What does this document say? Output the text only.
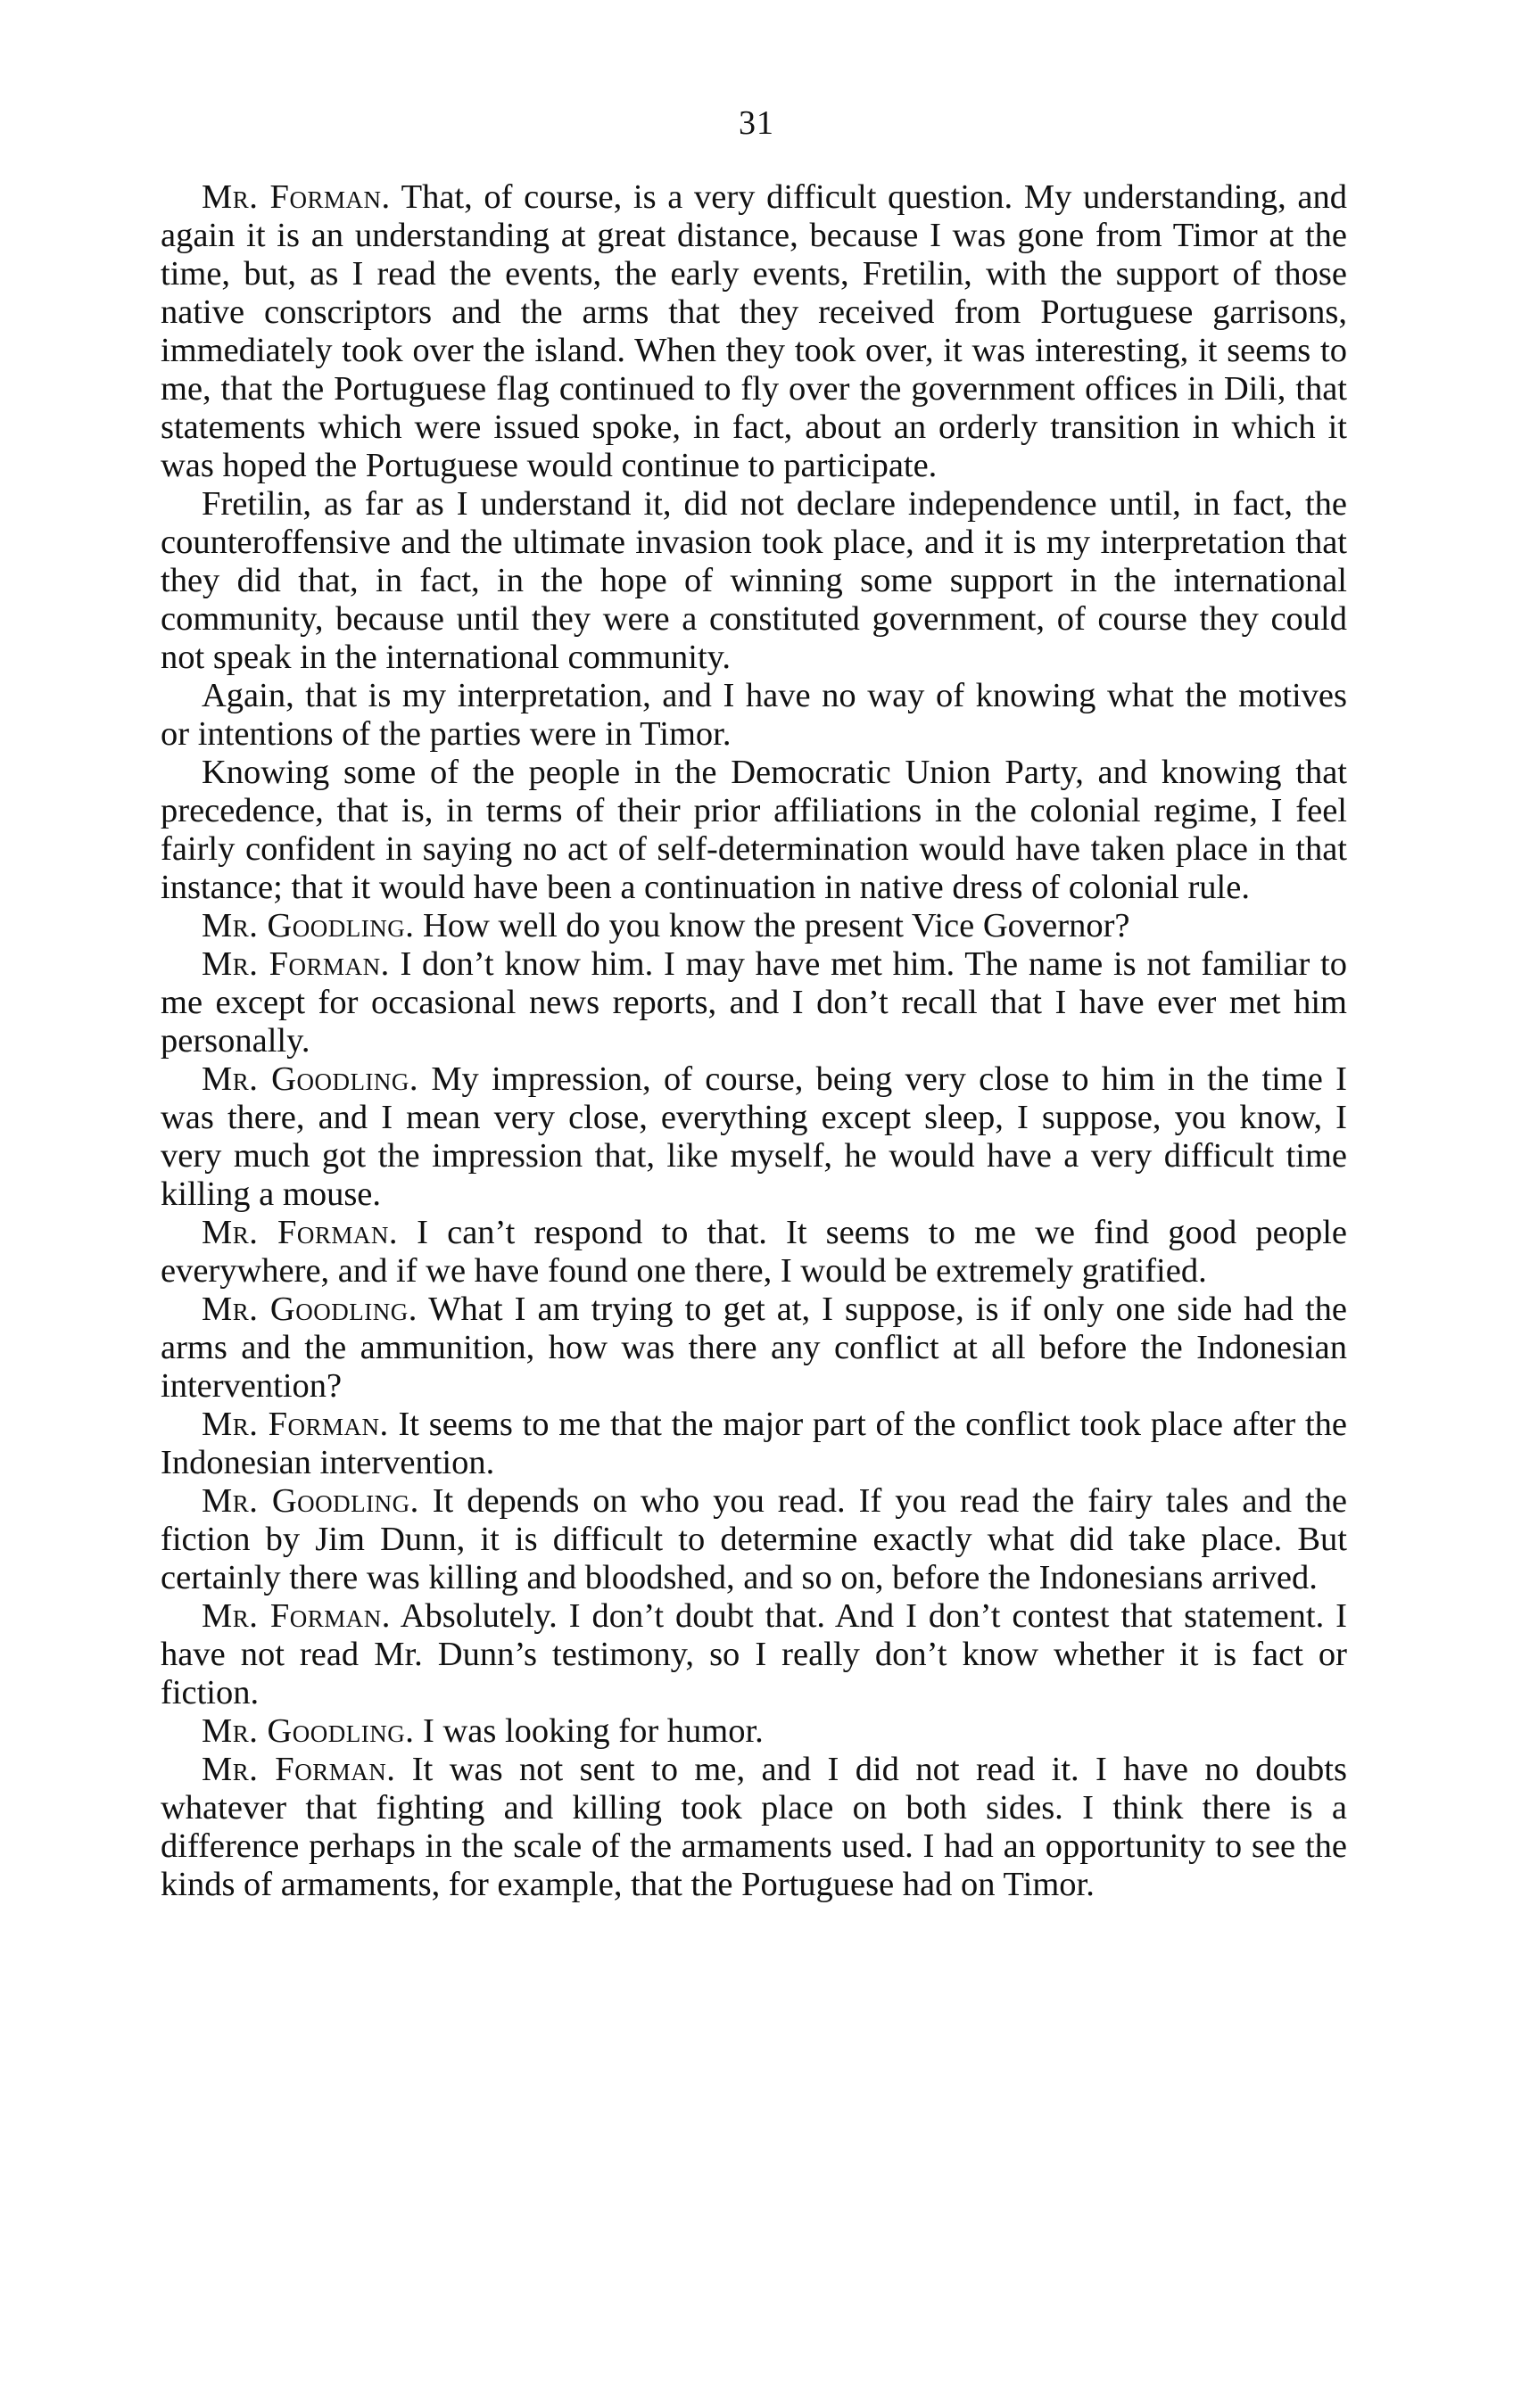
31

Mr. Forman. That, of course, is a very difficult question. My understanding, and again it is an understanding at great distance, because I was gone from Timor at the time, but, as I read the events, the early events, Fretilin, with the support of those native conscriptors and the arms that they received from Portuguese garrisons, immediately took over the island. When they took over, it was interesting, it seems to me, that the Portuguese flag continued to fly over the government offices in Dili, that statements which were issued spoke, in fact, about an orderly transition in which it was hoped the Portuguese would continue to participate.

Fretilin, as far as I understand it, did not declare independence until, in fact, the counteroffensive and the ultimate invasion took place, and it is my interpretation that they did that, in fact, in the hope of winning some support in the international community, because until they were a constituted government, of course they could not speak in the international community.

Again, that is my interpretation, and I have no way of knowing what the motives or intentions of the parties were in Timor.

Knowing some of the people in the Democratic Union Party, and knowing that precedence, that is, in terms of their prior affiliations in the colonial regime, I feel fairly confident in saying no act of self-determination would have taken place in that instance; that it would have been a continuation in native dress of colonial rule.

Mr. Goodling. How well do you know the present Vice Governor?

Mr. Forman. I don’t know him. I may have met him. The name is not familiar to me except for occasional news reports, and I don’t recall that I have ever met him personally.

Mr. Goodling. My impression, of course, being very close to him in the time I was there, and I mean very close, everything except sleep, I suppose, you know, I very much got the impression that, like myself, he would have a very difficult time killing a mouse.

Mr. Forman. I can’t respond to that. It seems to me we find good people everywhere, and if we have found one there, I would be extremely gratified.

Mr. Goodling. What I am trying to get at, I suppose, is if only one side had the arms and the ammunition, how was there any conflict at all before the Indonesian intervention?

Mr. Forman. It seems to me that the major part of the conflict took place after the Indonesian intervention.

Mr. Goodling. It depends on who you read. If you read the fairy tales and the fiction by Jim Dunn, it is difficult to determine exactly what did take place. But certainly there was killing and bloodshed, and so on, before the Indonesians arrived.

Mr. Forman. Absolutely. I don’t doubt that. And I don’t contest that statement. I have not read Mr. Dunn’s testimony, so I really don’t know whether it is fact or fiction.

Mr. Goodling. I was looking for humor.

Mr. Forman. It was not sent to me, and I did not read it. I have no doubts whatever that fighting and killing took place on both sides. I think there is a difference perhaps in the scale of the armaments used. I had an opportunity to see the kinds of armaments, for example, that the Portuguese had on Timor.
